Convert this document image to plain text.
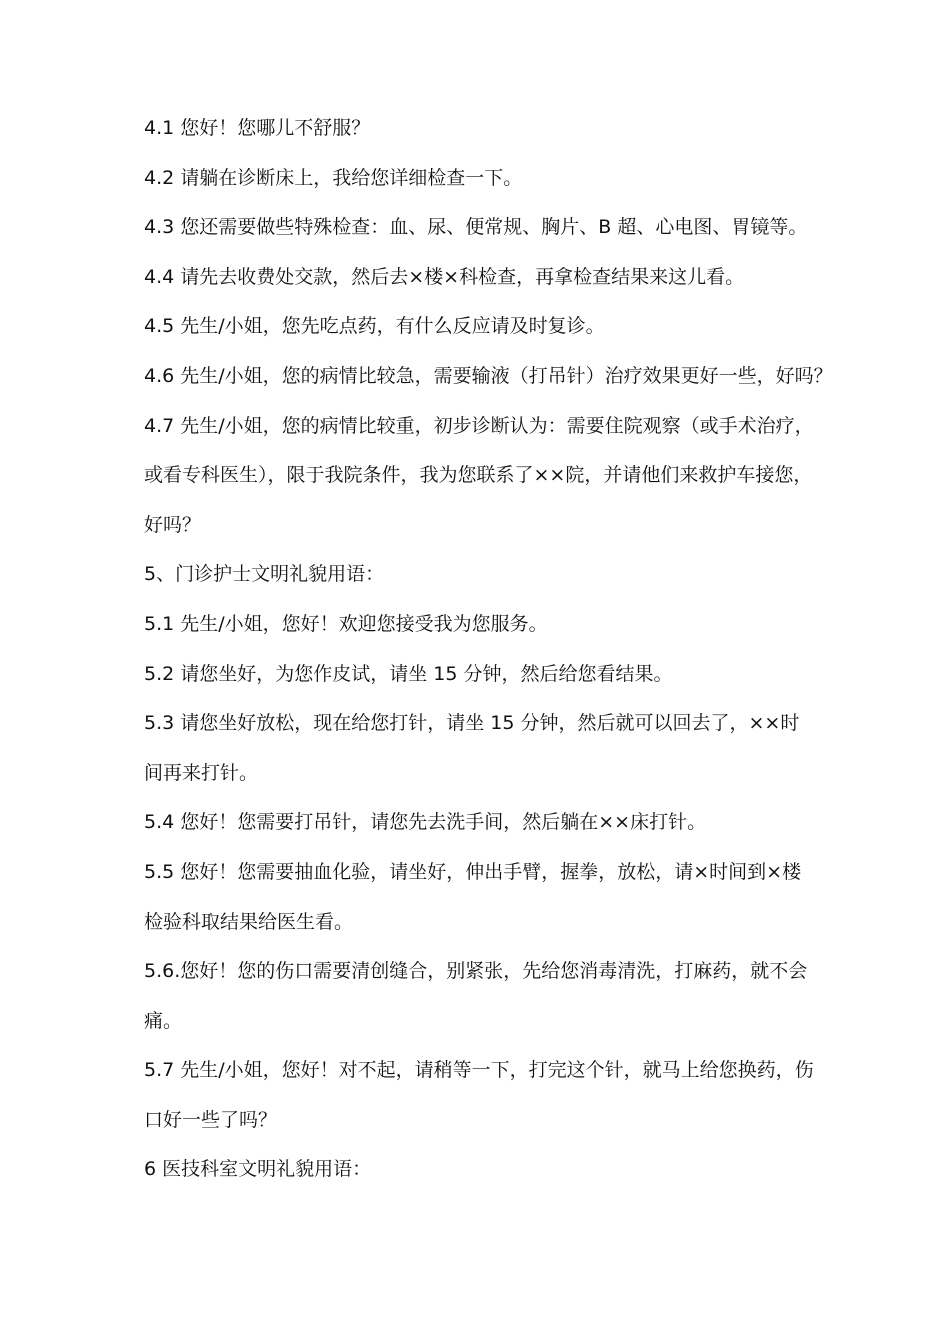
4.1 您好！您哪儿不舒服？
4.2 请躺在诊断床上，我给您详细检查一下。
4.3 您还需要做些特殊检查：血、尿、便常规、胸片、B 超、心电图、胃镜等。
4.4 请先去收费处交款，然后去×楼×科检查，再拿检查结果来这儿看。
4.5 先生/小姐，您先吃点药，有什么反应请及时复诊。
4.6 先生/小姐，您的病情比较急，需要输液（打吊针）治疗效果更好一些，好吗？
4.7 先生/小姐，您的病情比较重，初步诊断认为：需要住院观察（或手术治疗，
或看专科医生），限于我院条件，我为您联系了××院，并请他们来救护车接您，
好吗？
5、门诊护士文明礼貌用语：
5.1 先生/小姐，您好！欢迎您接受我为您服务。
5.2 请您坐好，为您作皮试，请坐 15 分钟，然后给您看结果。
5.3 请您坐好放松，现在给您打针，请坐 15 分钟，然后就可以回去了，××时
间再来打针。
5.4 您好！您需要打吊针，请您先去洗手间，然后躺在××床打针。
5.5 您好！您需要抽血化验，请坐好，伸出手臂，握拳，放松，请×时间到×楼
检验科取结果给医生看。
5.6.您好！您的伤口需要清创缝合，别紧张，先给您消毒清洗，打麻药，就不会
痛。
5.7 先生/小姐，您好！对不起，请稍等一下，打完这个针，就马上给您换药，伤
口好一些了吗？
6 医技科室文明礼貌用语：
